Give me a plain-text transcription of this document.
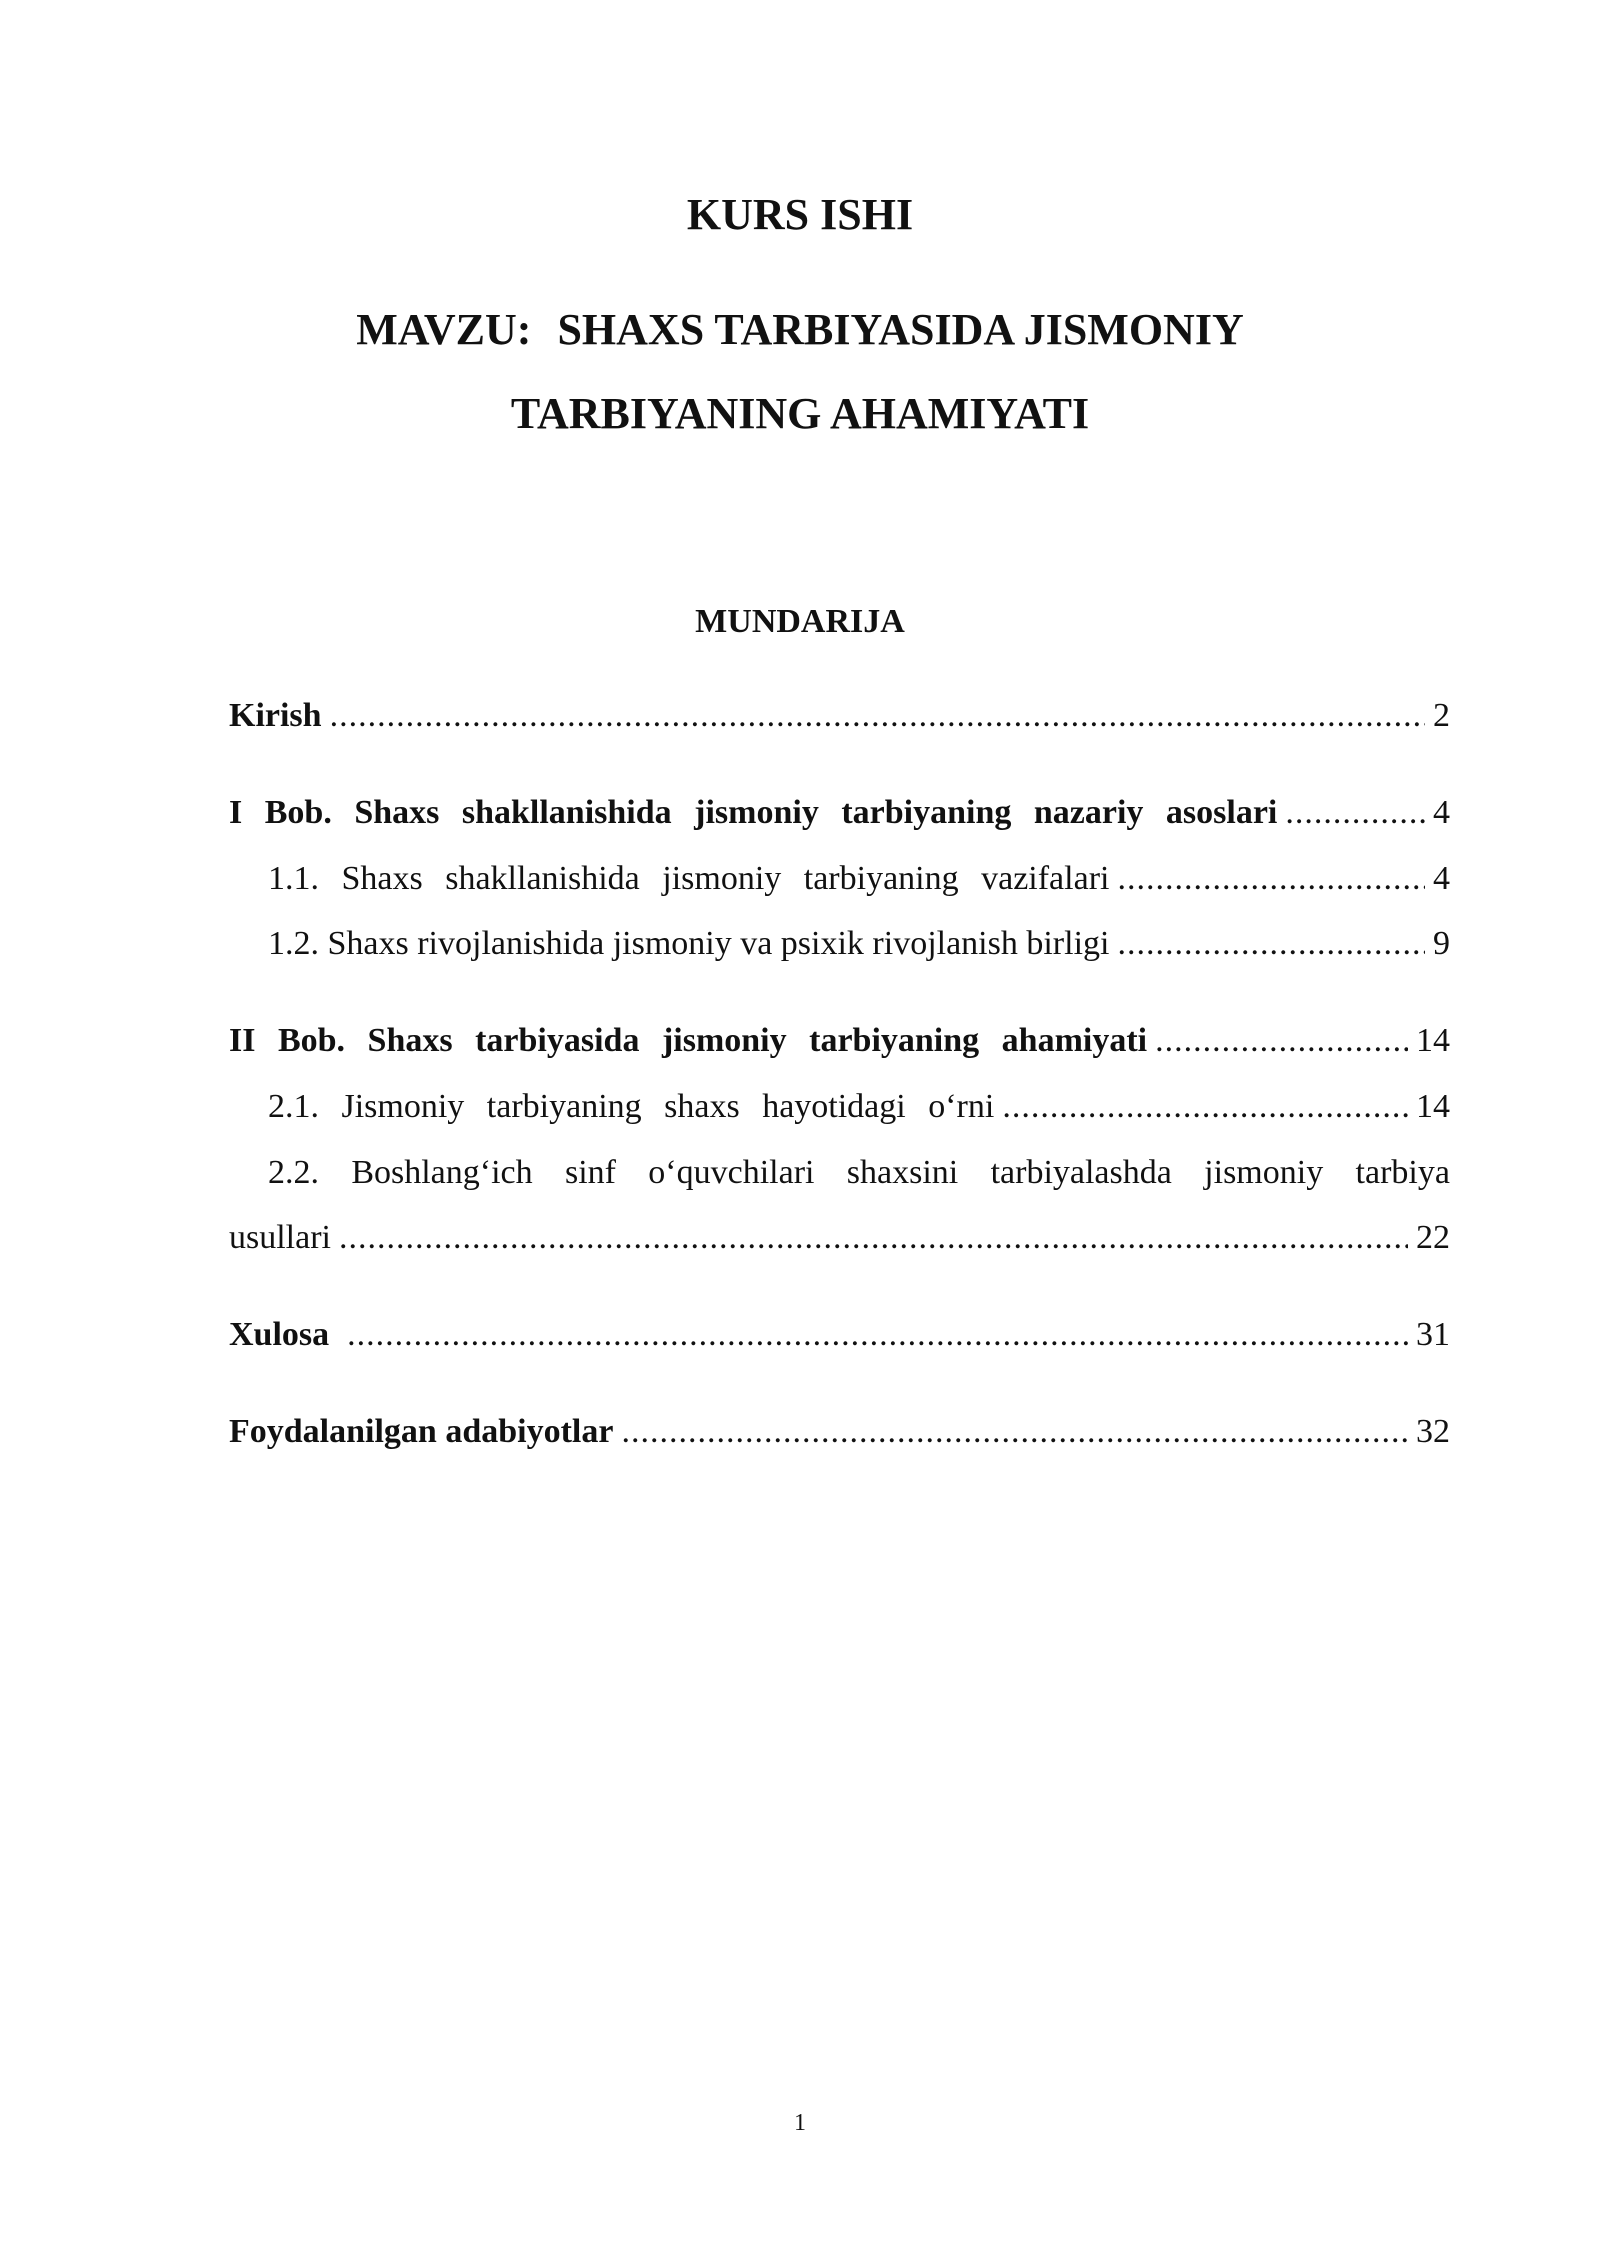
KURS ISHI
MAVZU: SHAXS TARBIYASIDA JISMONIY
TARBIYANING AHAMIYATI
MUNDARIJA
Kirish .....	2
I Bob. Shaxs shakllanishida jismoniy tarbiyaning nazariy asoslari .....	4
1.1. Shaxs shakllanishida jismoniy tarbiyaning vazifalari .....	4
1.2. Shaxs rivojlanishida jismoniy va psixik rivojlanish birligi .....	9
II Bob. Shaxs tarbiyasida jismoniy tarbiyaning ahamiyati .....	14
2.1. Jismoniy tarbiyaning shaxs hayotidagi o‘rni .....	14
2.2. Boshlang‘ich sinf o‘quvchilari shaxsini tarbiyalashda jismoniy tarbiya
usullari .....	22
Xulosa .....	31
Foydalanilgan adabiyotlar .....	32
1
